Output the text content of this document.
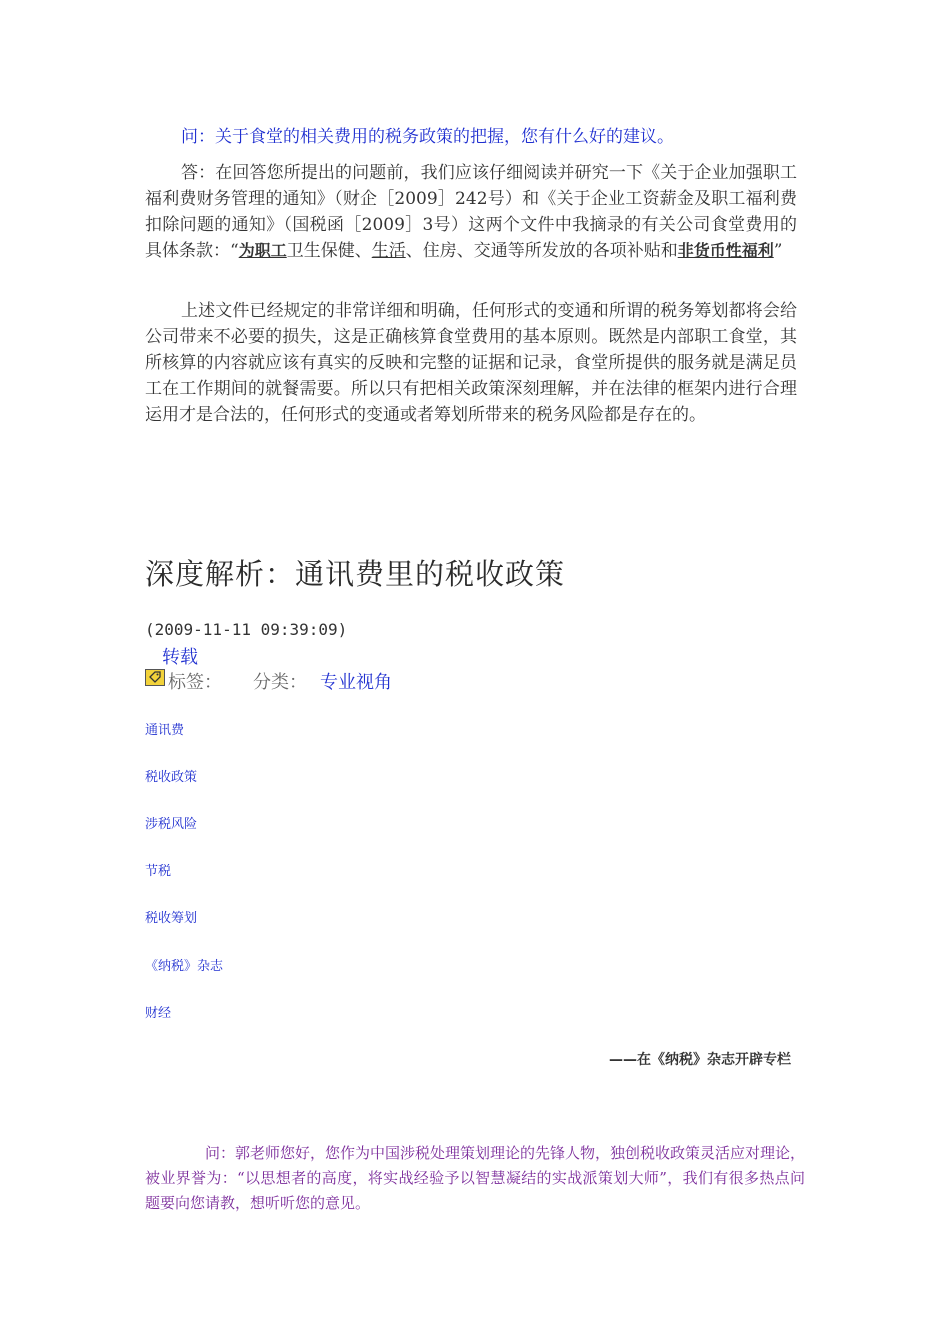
问：关于食堂的相关费用的税务政策的把握，您有什么好的建议。

答：在回答您所提出的问题前，我们应该仔细阅读并研究一下《关于企业加强职工福利费财务管理的通知》（财企［2009］242号）和《关于企业工资薪金及职工福利费扣除问题的通知》（国税函［2009］3号）这两个文件中我摘录的有关公司食堂费用的具体条款：“为职工卫生保健、生活、住房、交通等所发放的各项补贴和非货币性福利”

上述文件已经规定的非常详细和明确，任何形式的变通和所谓的税务筹划都将会给公司带来不必要的损失，这是正确核算食堂费用的基本原则。既然是内部职工食堂，其所核算的内容就应该有真实的反映和完整的证据和记录，食堂所提供的服务就是满足员工在工作期间的就餐需要。所以只有把相关政策深刻理解，并在法律的框架内进行合理运用才是合法的，任何形式的变通或者筹划所带来的税务风险都是存在的。

深度解析：通讯费里的税收政策
(2009-11-11 09:39:09)
转载
标签： 分类： 专业视角
通讯费
税收政策
涉税风险
节税
税收筹划
《纳税》杂志
财经
——在《纳税》杂志开辟专栏

问：郭老师您好，您作为中国涉税处理策划理论的先锋人物，独创税收政策灵活应对理论，被业界誉为：“以思想者的高度，将实战经验予以智慧凝结的实战派策划大师”，我们有很多热点问题要向您请教，想听听您的意见。
